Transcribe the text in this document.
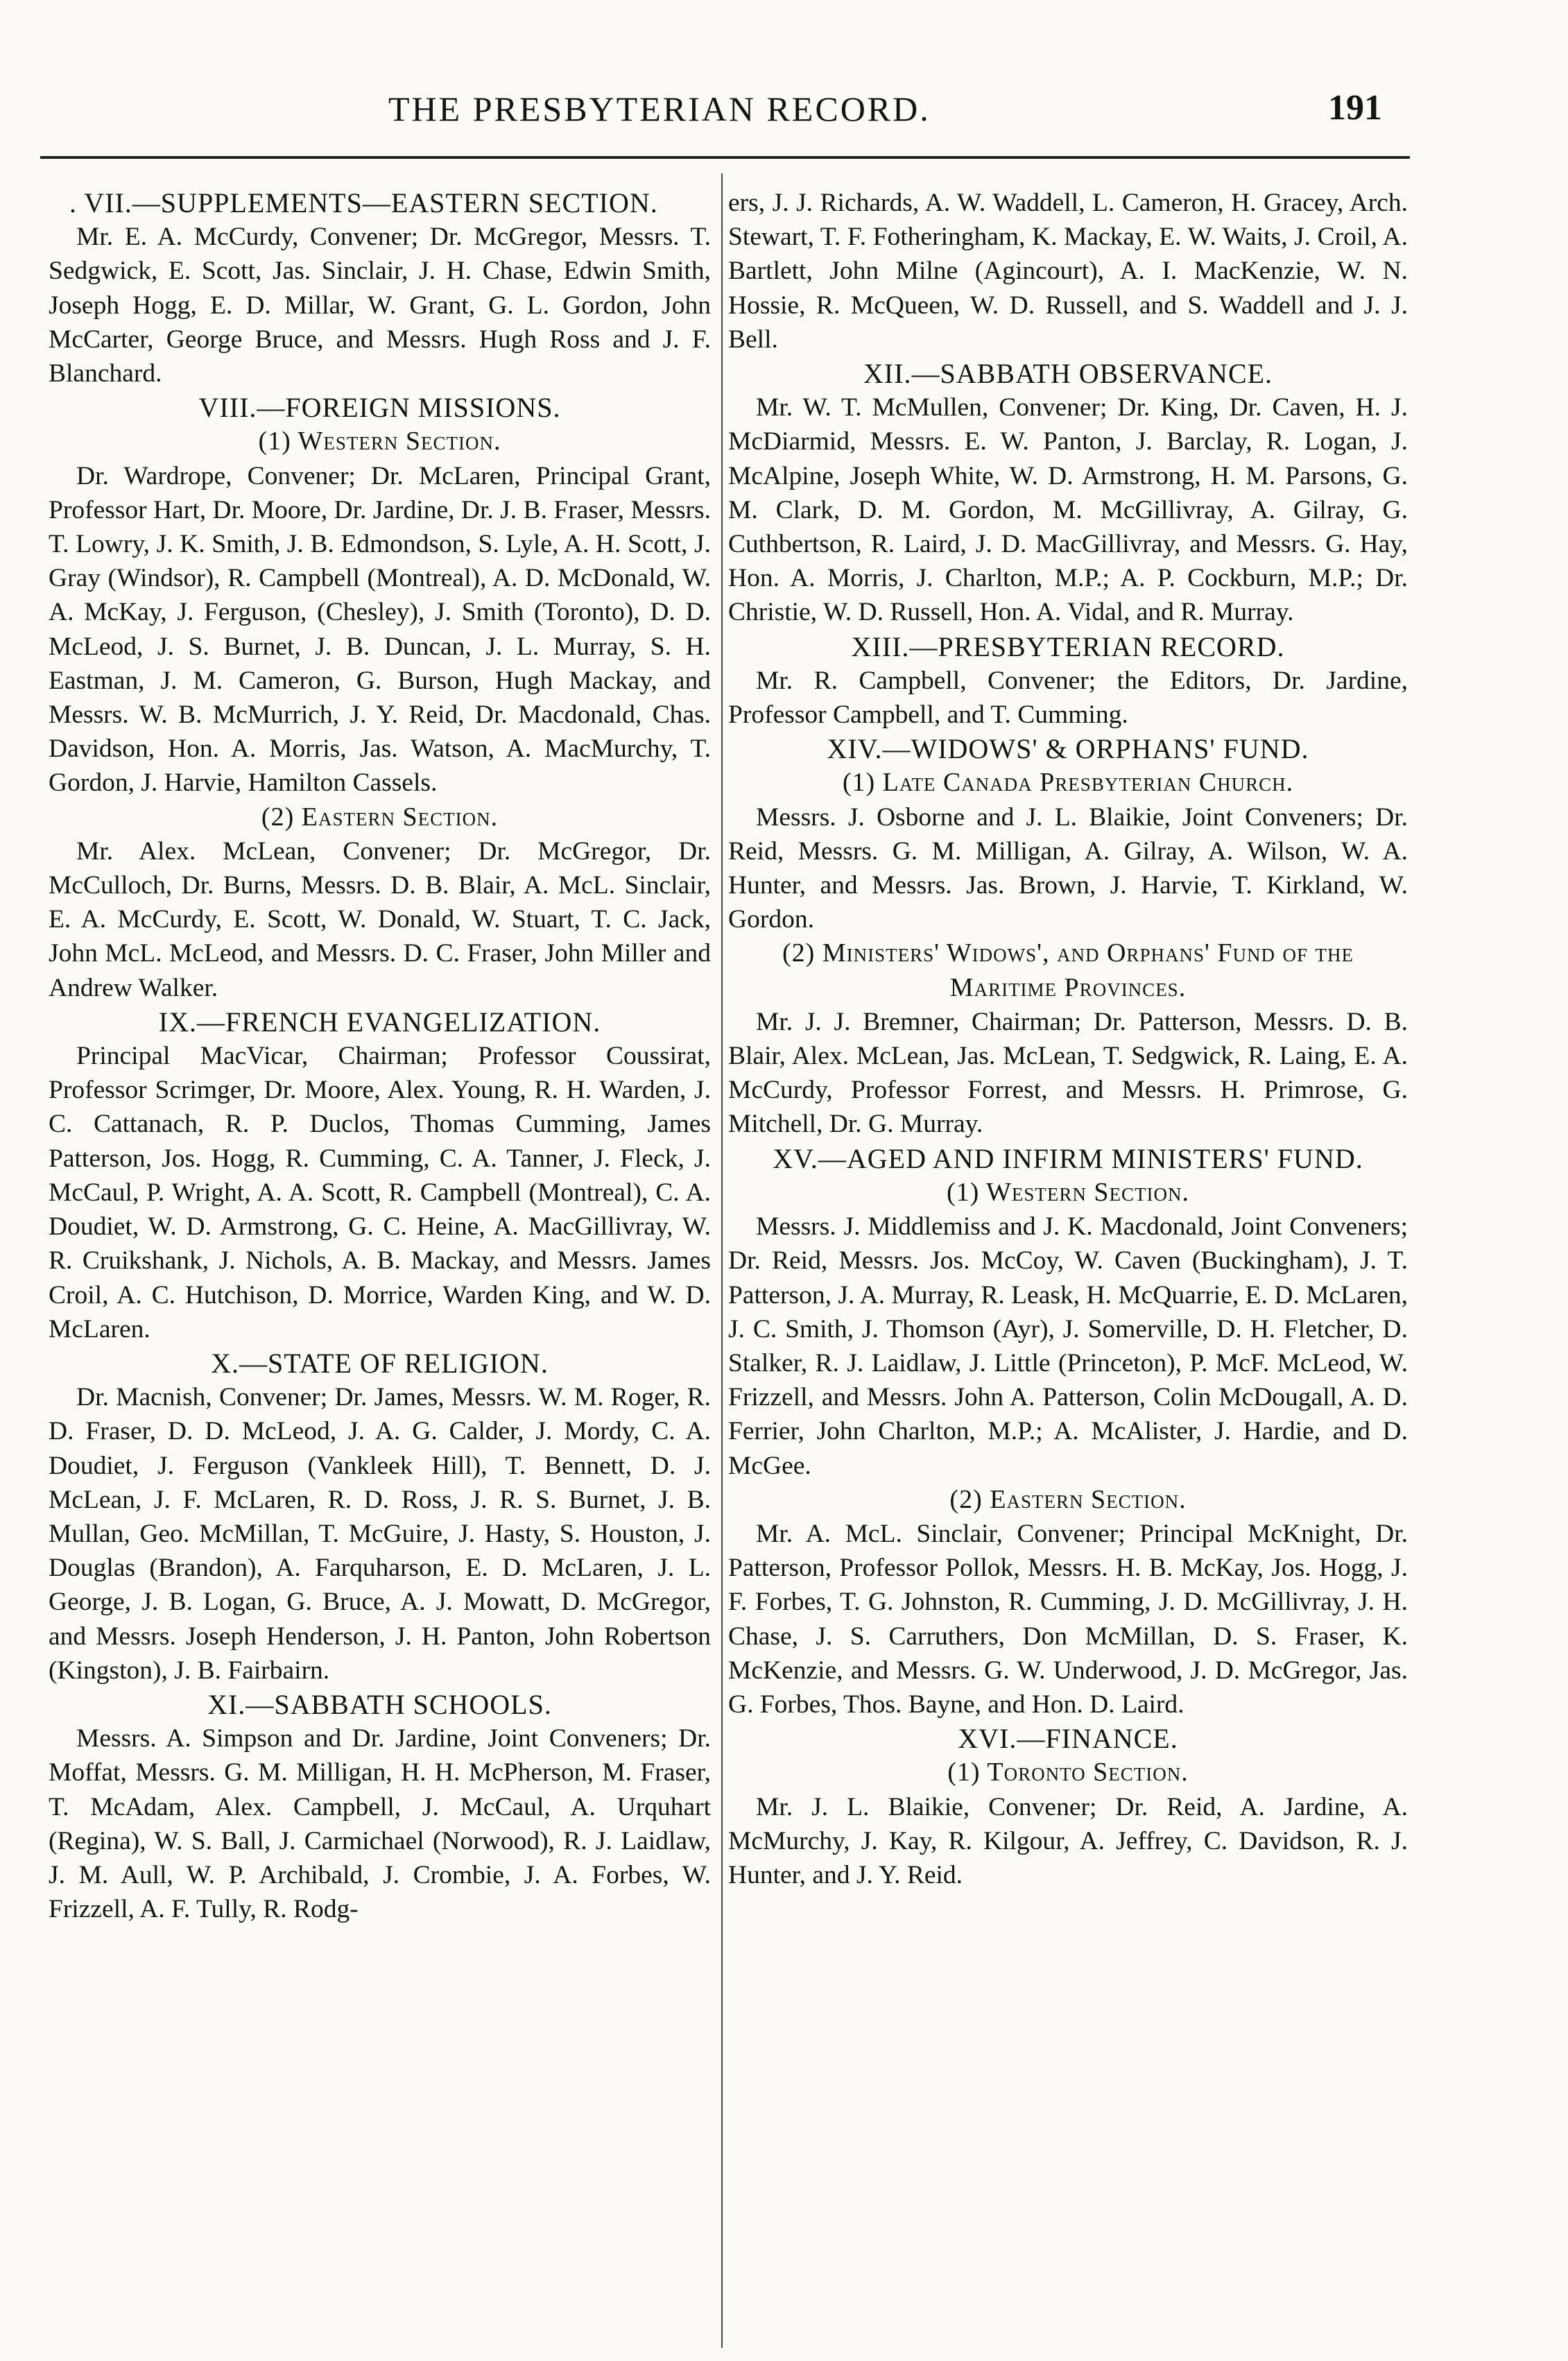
THE PRESBYTERIAN RECORD.	191
. VII.—SUPPLEMENTS—EASTERN SECTION.

Mr. E. A. McCurdy, Convener; Dr. McGregor, Messrs. T. Sedgwick, E. Scott, Jas. Sinclair, J. H. Chase, Edwin Smith, Joseph Hogg, E. D. Millar, W. Grant, G. L. Gordon, John McCarter, George Bruce, and Messrs. Hugh Ross and J. F. Blanchard.

VIII.—FOREIGN MISSIONS.
(1) Western Section.

Dr. Wardrope, Convener; Dr. McLaren, Principal Grant, Professor Hart, Dr. Moore, Dr. Jardine, Dr. J. B. Fraser, Messrs. T. Lowry, J. K. Smith, J. B. Edmondson, S. Lyle, A. H. Scott, J. Gray (Windsor), R. Campbell (Montreal), A. D. McDonald, W. A. McKay, J. Ferguson, (Chesley), J. Smith (Toronto), D. D. McLeod, J. S. Burnet, J. B. Duncan, J. L. Murray, S. H. Eastman, J. M. Cameron, G. Burson, Hugh Mackay, and Messrs. W. B. McMurrich, J. Y. Reid, Dr. Macdonald, Chas. Davidson, Hon. A. Morris, Jas. Watson, A. MacMurchy, T. Gordon, J. Harvie, Hamilton Cassels.

(2) Eastern Section.

Mr. Alex. McLean, Convener; Dr. McGregor, Dr. McCulloch, Dr. Burns, Messrs. D. B. Blair, A. McL. Sinclair, E. A. McCurdy, E. Scott, W. Donald, W. Stuart, T. C. Jack, John McL. McLeod, and Messrs. D. C. Fraser, John Miller and Andrew Walker.

IX.—FRENCH EVANGELIZATION.

Principal MacVicar, Chairman; Professor Coussirat, Professor Scrimger, Dr. Moore, Alex. Young, R. H. Warden, J. C. Cattanach, R. P. Duclos, Thomas Cumming, James Patterson, Jos. Hogg, R. Cumming, C. A. Tanner, J. Fleck, J. McCaul, P. Wright, A. A. Scott, R. Campbell (Montreal), C. A. Doudiet, W. D. Armstrong, G. C. Heine, A. MacGillivray, W. R. Cruikshank, J. Nichols, A. B. Mackay, and Messrs. James Croil, A. C. Hutchison, D. Morrice, Warden King, and W. D. McLaren.

X.—STATE OF RELIGION.

Dr. Macnish, Convener; Dr. James, Messrs. W. M. Roger, R. D. Fraser, D. D. McLeod, J. A. G. Calder, J. Mordy, C. A. Doudiet, J. Ferguson (Vankleek Hill), T. Bennett, D. J. McLean, J. F. McLaren, R. D. Ross, J. R. S. Burnet, J. B. Mullan, Geo. McMillan, T. McGuire, J. Hasty, S. Houston, J. Douglas (Brandon), A. Farquharson, E. D. McLaren, J. L. George, J. B. Logan, G. Bruce, A. J. Mowatt, D. McGregor, and Messrs. Joseph Henderson, J. H. Panton, John Robertson (Kingston), J. B. Fairbairn.

XI.—SABBATH SCHOOLS.

Messrs. A. Simpson and Dr. Jardine, Joint Conveners; Dr. Moffat, Messrs. G. M. Milligan, H. H. McPherson, M. Fraser, T. McAdam, Alex. Campbell, J. McCaul, A. Urquhart (Regina), W. S. Ball, J. Carmichael (Norwood), R. J. Laidlaw, J. M. Aull, W. P. Archibald, J. Crombie, J. A. Forbes, W. Frizzell, A. F. Tully, R. Rodg-

ers, J. J. Richards, A. W. Waddell, L. Cameron, H. Gracey, Arch. Stewart, T. F. Fotheringham, K. Mackay, E. W. Waits, J. Croil, A. Bartlett, John Milne (Agincourt), A. I. MacKenzie, W. N. Hossie, R. McQueen, W. D. Russell, and S. Waddell and J. J. Bell.

XII.—SABBATH OBSERVANCE.

Mr. W. T. McMullen, Convener; Dr. King, Dr. Caven, H. J. McDiarmid, Messrs. E. W. Panton, J. Barclay, R. Logan, J. McAlpine, Joseph White, W. D. Armstrong, H. M. Parsons, G. M. Clark, D. M. Gordon, M. McGillivray, A. Gilray, G. Cuthbertson, R. Laird, J. D. MacGillivray, and Messrs. G. Hay, Hon. A. Morris, J. Charlton, M.P.; A. P. Cockburn, M.P.; Dr. Christie, W. D. Russell, Hon. A. Vidal, and R. Murray.

XIII.—PRESBYTERIAN RECORD.

Mr. R. Campbell, Convener; the Editors, Dr. Jardine, Professor Campbell, and T. Cumming.

XIV.—WIDOWS' & ORPHANS' FUND.
(1) Late Canada Presbyterian Church.

Messrs. J. Osborne and J. L. Blaikie, Joint Conveners; Dr. Reid, Messrs. G. M. Milligan, A. Gilray, A. Wilson, W. A. Hunter, and Messrs. Jas. Brown, J. Harvie, T. Kirkland, W. Gordon.

(2) Ministers' Widows', and Orphans' Fund of the Maritime Provinces.

Mr. J. J. Bremner, Chairman; Dr. Patterson, Messrs. D. B. Blair, Alex. McLean, Jas. McLean, T. Sedgwick, R. Laing, E. A. McCurdy, Professor Forrest, and Messrs. H. Primrose, G. Mitchell, Dr. G. Murray.

XV.—AGED AND INFIRM MINISTERS' FUND.
(1) Western Section.

Messrs. J. Middlemiss and J. K. Macdonald, Joint Conveners; Dr. Reid, Messrs. Jos. McCoy, W. Caven (Buckingham), J. T. Patterson, J. A. Murray, R. Leask, H. McQuarrie, E. D. McLaren, J. C. Smith, J. Thomson (Ayr), J. Somerville, D. H. Fletcher, D. Stalker, R. J. Laidlaw, J. Little (Princeton), P. McF. McLeod, W. Frizzell, and Messrs. John A. Patterson, Colin McDougall, A. D. Ferrier, John Charlton, M.P.; A. McAlister, J. Hardie, and D. McGee.

(2) Eastern Section.

Mr. A. McL. Sinclair, Convener; Principal McKnight, Dr. Patterson, Professor Pollok, Messrs. H. B. McKay, Jos. Hogg, J. F. Forbes, T. G. Johnston, R. Cumming, J. D. McGillivray, J. H. Chase, J. S. Carruthers, Don McMillan, D. S. Fraser, K. McKenzie, and Messrs. G. W. Underwood, J. D. McGregor, Jas. G. Forbes, Thos. Bayne, and Hon. D. Laird.

XVI.—FINANCE.
(1) Toronto Section.

Mr. J. L. Blaikie, Convener; Dr. Reid, A. Jardine, A. McMurchy, J. Kay, R. Kilgour, A. Jeffrey, C. Davidson, R. J. Hunter, and J. Y. Reid.
